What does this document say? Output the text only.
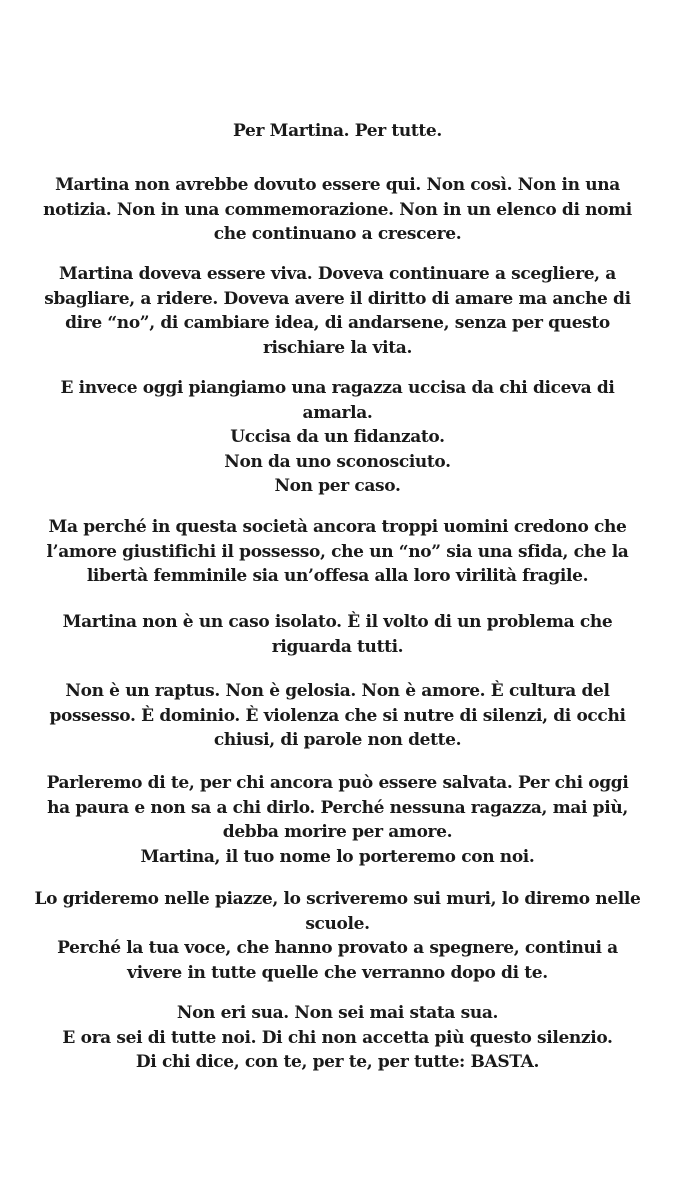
Per Martina. Per tutte.

Martina non avrebbe dovuto essere qui. Non così. Non in una
notizia. Non in una commemorazione. Non in un elenco di nomi
che continuano a crescere.

Martina doveva essere viva. Doveva continuare a scegliere, a
sbagliare, a ridere. Doveva avere il diritto di amare ma anche di
dire “no”, di cambiare idea, di andarsene, senza per questo
rischiare la vita.

E invece oggi piangiamo una ragazza uccisa da chi diceva di
amarla.
Uccisa da un fidanzato.
Non da uno sconosciuto.
Non per caso.

Ma perché in questa società ancora troppi uomini credono che
l’amore giustifichi il possesso, che un “no” sia una sfida, che la
libertà femminile sia un’offesa alla loro virilità fragile.

Martina non è un caso isolato. È il volto di un problema che
riguarda tutti.

Non è un raptus. Non è gelosia. Non è amore. È cultura del
possesso. È dominio. È violenza che si nutre di silenzi, di occhi
chiusi, di parole non dette.

Parleremo di te, per chi ancora può essere salvata. Per chi oggi
ha paura e non sa a chi dirlo. Perché nessuna ragazza, mai più,
debba morire per amore.
Martina, il tuo nome lo porteremo con noi.

Lo grideremo nelle piazze, lo scriveremo sui muri, lo diremo nelle
scuole.
Perché la tua voce, che hanno provato a spegnere, continui a
vivere in tutte quelle che verranno dopo di te.

Non eri sua. Non sei mai stata sua.
E ora sei di tutte noi. Di chi non accetta più questo silenzio.
Di chi dice, con te, per te, per tutte: BASTA.
